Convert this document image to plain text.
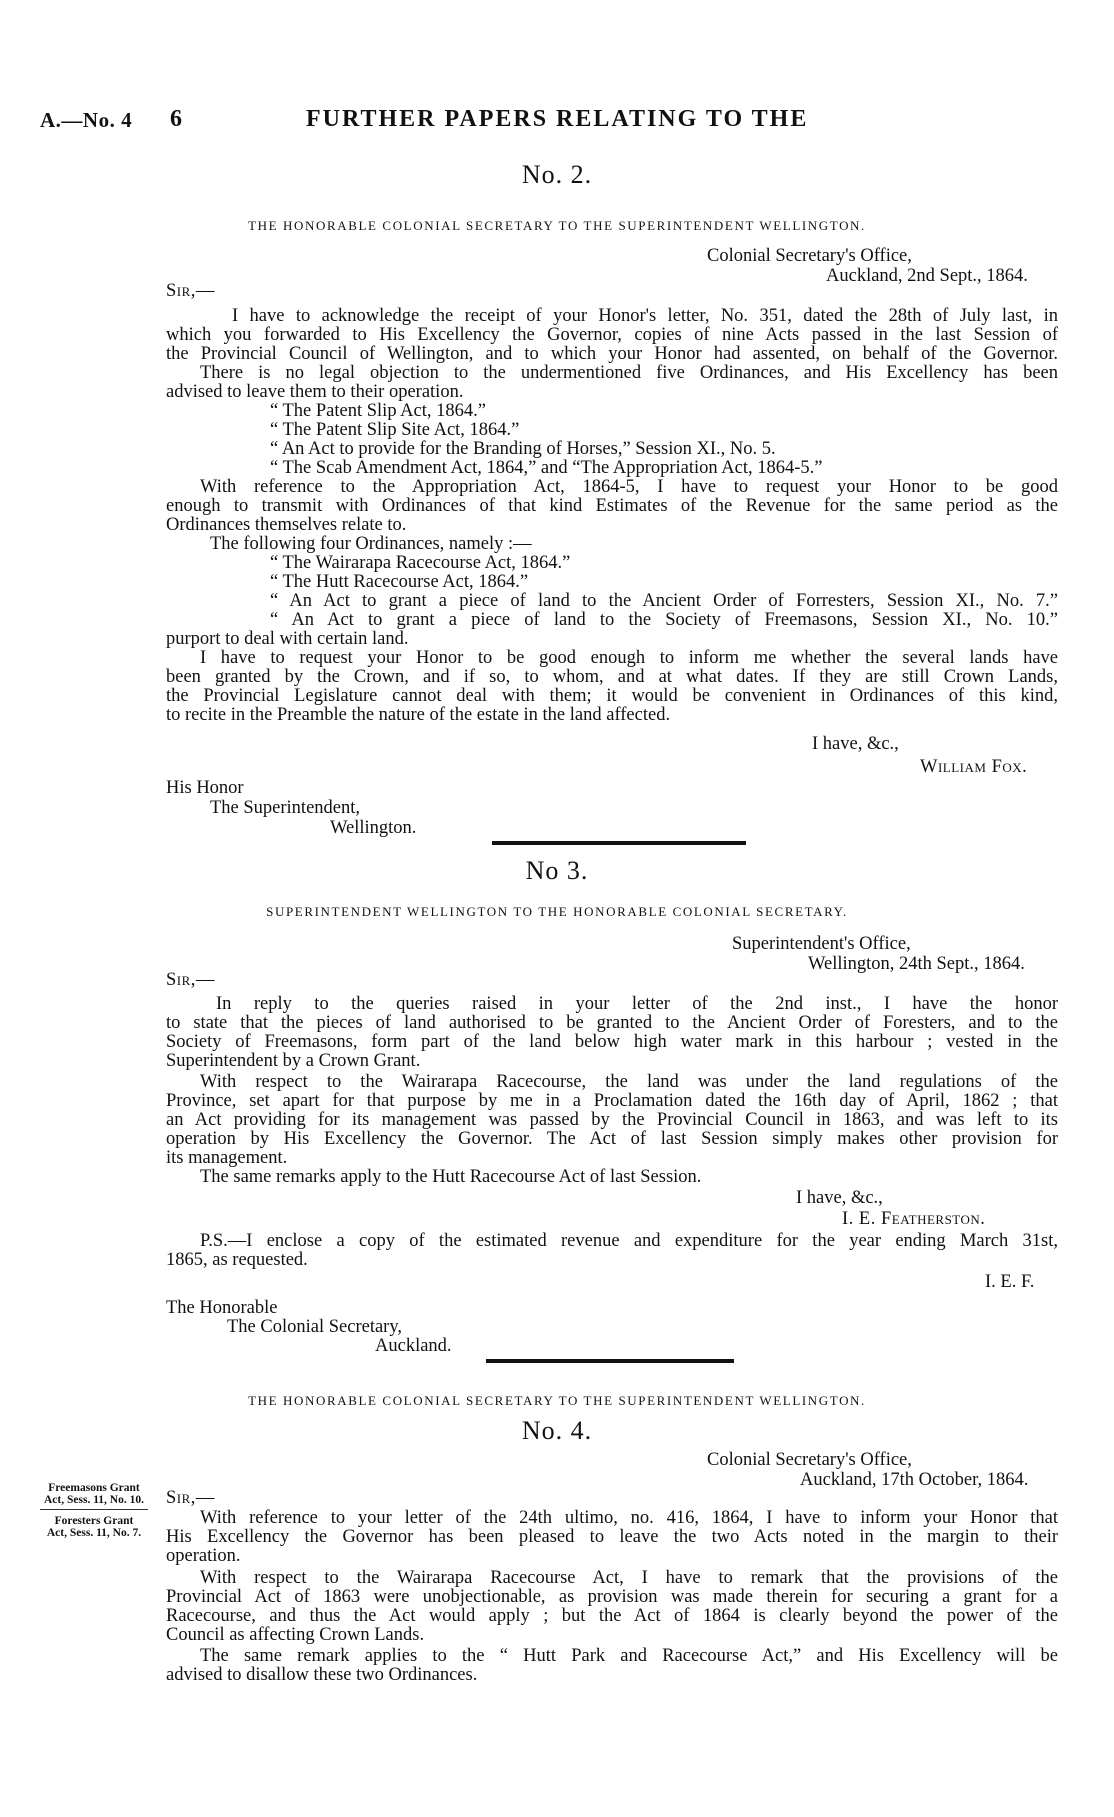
A.—No. 4 6	FURTHER PAPERS RELATING TO THE
No. 2.
THE HONORABLE COLONIAL SECRETARY TO THE SUPERINTENDENT WELLINGTON.
Colonial Secretary's Office,
Auckland, 2nd Sept., 1864.
Sir,—
I have to acknowledge the receipt of your Honor's letter, No. 351, dated the 28th of July last, in
which you forwarded to His Excellency the Governor, copies of nine Acts passed in the last Session of
the Provincial Council of Wellington, and to which your Honor had assented, on behalf of the Governor.
There is no legal objection to the undermentioned five Ordinances, and His Excellency has been
advised to leave them to their operation.
“ The Patent Slip Act, 1864.”
“ The Patent Slip Site Act, 1864.”
“ An Act to provide for the Branding of Horses,” Session XI., No. 5.
“ The Scab Amendment Act, 1864,” and “The Appropriation Act, 1864-5.”
With reference to the Appropriation Act, 1864-5, I have to request your Honor to be good
enough to transmit with Ordinances of that kind Estimates of the Revenue for the same period as the
Ordinances themselves relate to.
The following four Ordinances, namely :—
“ The Wairarapa Racecourse Act, 1864.”
“ The Hutt Racecourse Act, 1864.”
“ An Act to grant a piece of land to the Ancient Order of Forresters, Session XI., No. 7.”
“ An Act to grant a piece of land to the Society of Freemasons, Session XI., No. 10.”
purport to deal with certain land.
I have to request your Honor to be good enough to inform me whether the several lands have
been granted by the Crown, and if so, to whom, and at what dates. If they are still Crown Lands,
the Provincial Legislature cannot deal with them; it would be convenient in Ordinances of this kind,
to recite in the Preamble the nature of the estate in the land affected.
I have, &c.,
William Fox.
His Honor
The Superintendent,
Wellington.
No 3.
SUPERINTENDENT WELLINGTON TO THE HONORABLE COLONIAL SECRETARY.
Superintendent's Office,
Wellington, 24th Sept., 1864.
Sir,—
In reply to the queries raised in your letter of the 2nd inst., I have the honor
to state that the pieces of land authorised to be granted to the Ancient Order of Foresters, and to the
Society of Freemasons, form part of the land below high water mark in this harbour ; vested in the
Superintendent by a Crown Grant.
With respect to the Wairarapa Racecourse, the land was under the land regulations of the
Province, set apart for that purpose by me in a Proclamation dated the 16th day of April, 1862 ; that
an Act providing for its management was passed by the Provincial Council in 1863, and was left to its
operation by His Excellency the Governor. The Act of last Session simply makes other provision for
its management.
The same remarks apply to the Hutt Racecourse Act of last Session.
I have, &c.,
I. E. Featherston.
P.S.—I enclose a copy of the estimated revenue and expenditure for the year ending March 31st,
1865, as requested.
I. E. F.
The Honorable
The Colonial Secretary,
Auckland.
THE HONORABLE COLONIAL SECRETARY TO THE SUPERINTENDENT WELLINGTON.
No. 4.
Colonial Secretary's Office,
Auckland, 17th October, 1864.
Freemasons Grant
Act, Sess. 11, No. 10.
Foresters Grant
Act, Sess. 11, No. 7.
Sir,—
With reference to your letter of the 24th ultimo, no. 416, 1864, I have to inform your Honor that
His Excellency the Governor has been pleased to leave the two Acts noted in the margin to their
operation.
With respect to the Wairarapa Racecourse Act, I have to remark that the provisions of the
Provincial Act of 1863 were unobjectionable, as provision was made therein for securing a grant for a
Racecourse, and thus the Act would apply ; but the Act of 1864 is clearly beyond the power of the
Council as affecting Crown Lands.
The same remark applies to the “ Hutt Park and Racecourse Act,” and His Excellency will be
advised to disallow these two Ordinances.
